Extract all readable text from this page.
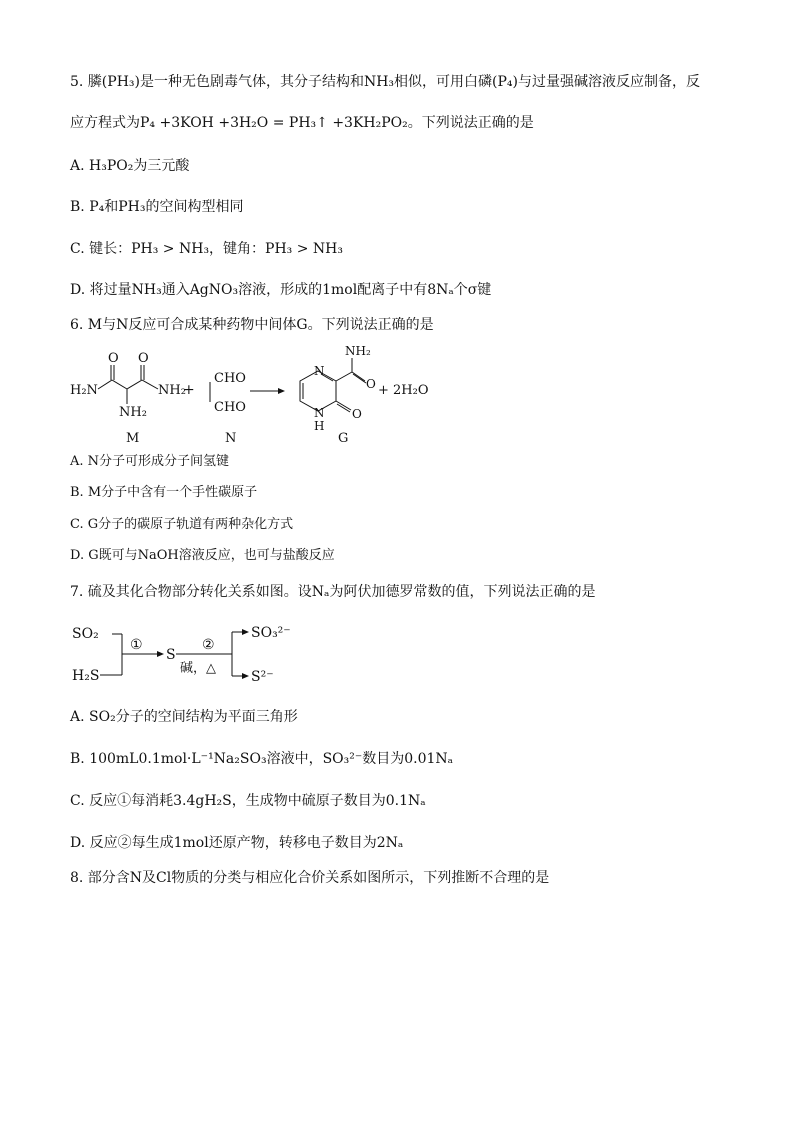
5. 膦(PH₃)是一种无色剧毒气体，其分子结构和NH₃相似，可用白磷(P₄)与过量强碱溶液反应制备，反
应方程式为P₄ +3KOH +3H₂O = PH₃↑ +3KH₂PO₂。下列说法正确的是
A. H₃PO₂为三元酸
B. P₄和PH₃的空间构型相同
C. 键长：PH₃ > NH₃，键角：PH₃ > NH₃
D. 将过量NH₃通入AgNO₃溶液，形成的1mol配离子中有8Nₐ个σ键
6. M与N反应可合成某种药物中间体G。下列说法正确的是
H₂N	NH₂
NH₂
O O
+
CHO
CHO
NH₂
N
N
H
O
O
+ 2H₂O
M	N	G
A. N分子可形成分子间氢键
B. M分子中含有一个手性碳原子
C. G分子的碳原子轨道有两种杂化方式
D. G既可与NaOH溶液反应，也可与盐酸反应
7. 硫及其化合物部分转化关系如图。设Nₐ为阿伏加德罗常数的值，下列说法正确的是
SO₂
H₂S
①
S
②
碱，△
SO₃²⁻
S²⁻
A. SO₂分子的空间结构为平面三角形
B. 100mL0.1mol·L⁻¹Na₂SO₃溶液中，SO₃²⁻数目为0.01Nₐ
C. 反应①每消耗3.4gH₂S，生成物中硫原子数目为0.1Nₐ
D. 反应②每生成1mol还原产物，转移电子数目为2Nₐ
8. 部分含N及Cl物质的分类与相应化合价关系如图所示，下列推断不合理的是
